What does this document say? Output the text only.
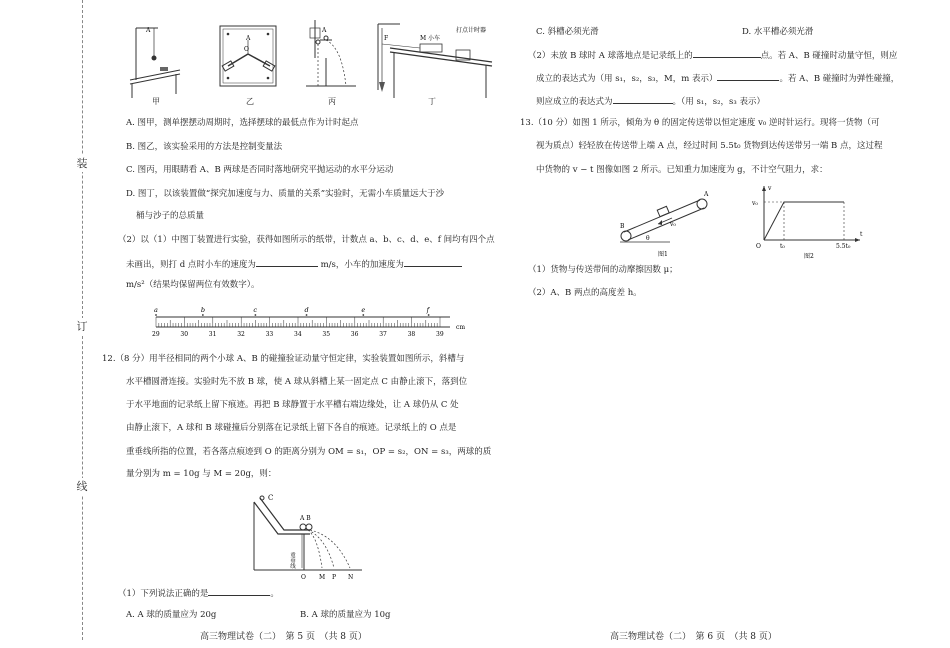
装
订
线
A
A
O
A
F	M 小车
打点计时器
甲	乙	丙	丁

A. 图甲，测单摆摆动周期时，选择摆球的最低点作为计时起点

B. 图乙，该实验采用的方法是控制变量法

C. 图丙，用眼睛看 A、B 两球是否同时落地研究平抛运动的水平分运动

D. 图丁，以该装置做“探究加速度与力、质量的关系”实验时，无需小车质量远大于沙

桶与沙子的总质量

（2）以（1）中图丁装置进行实验，获得如图所示的纸带，计数点 a、b、c、d、e、f 间均有四个点

未画出，则打 d 点时小车的速度为	m/s，小车的加速度为

m/s²（结果均保留两位有效数字）。

29	30	31	32	33	34	35	36	37	38	39
a	b	c	d	e	f
cm

12.（8 分）用半径相同的两个小球 A、B 的碰撞验证动量守恒定律，实验装置如图所示，斜槽与

水平槽圆滑连接。实验时先不放 B 球，使 A 球从斜槽上某一固定点 C 由静止滚下，落到位

于水平地面的记录纸上留下痕迹。再把 B 球静置于水平槽右端边缘处，让 A 球仍从 C 处

由静止滚下，A 球和 B 球碰撞后分别落在记录纸上留下各自的痕迹。记录纸上的 O 点是

重垂线所指的位置，若各落点痕迹到 O 的距离分别为 OM = s₁，OP = s₂，ON = s₃，两球的质

量分别为 m = 10g 与 M = 20g，则：

C
A B
重垂线
O M P N

（1）下列说法正确的是	。

A. A 球的质量应为 20g	B. A 球的质量应为 10g

高三物理试卷（二）　第 5 页　（共 8 页）

C. 斜槽必须光滑	D. 水平槽必须光滑

（2）未放 B 球时 A 球落地点是记录纸上的	点。若 A、B 碰撞时动量守恒，则应

成立的表达式为（用 s₁，s₂，s₃，M，m 表示）	。若 A、B 碰撞时为弹性碰撞，

则应成立的表达式为	。（用 s₁，s₂，s₃ 表示）

13.（10 分）如图 1 所示，倾角为 θ 的固定传送带以恒定速度 v₀ 逆时针运行。现将一货物（可

视为质点）轻轻放在传送带上端 A 点，经过时间 5.5t₀ 货物到达传送带另一端 B 点，这过程

中货物的 v − t 图像如图 2 所示。已知重力加速度为 g，不计空气阻力，求：

B
A
v₀
θ
图1
v
t
v₀
O	t₀	5.5t₀
图2

（1）货物与传送带间的动摩擦因数 μ；

（2）A、B 两点的高度差 h。

高三物理试卷（二）　第 6 页　（共 8 页）
